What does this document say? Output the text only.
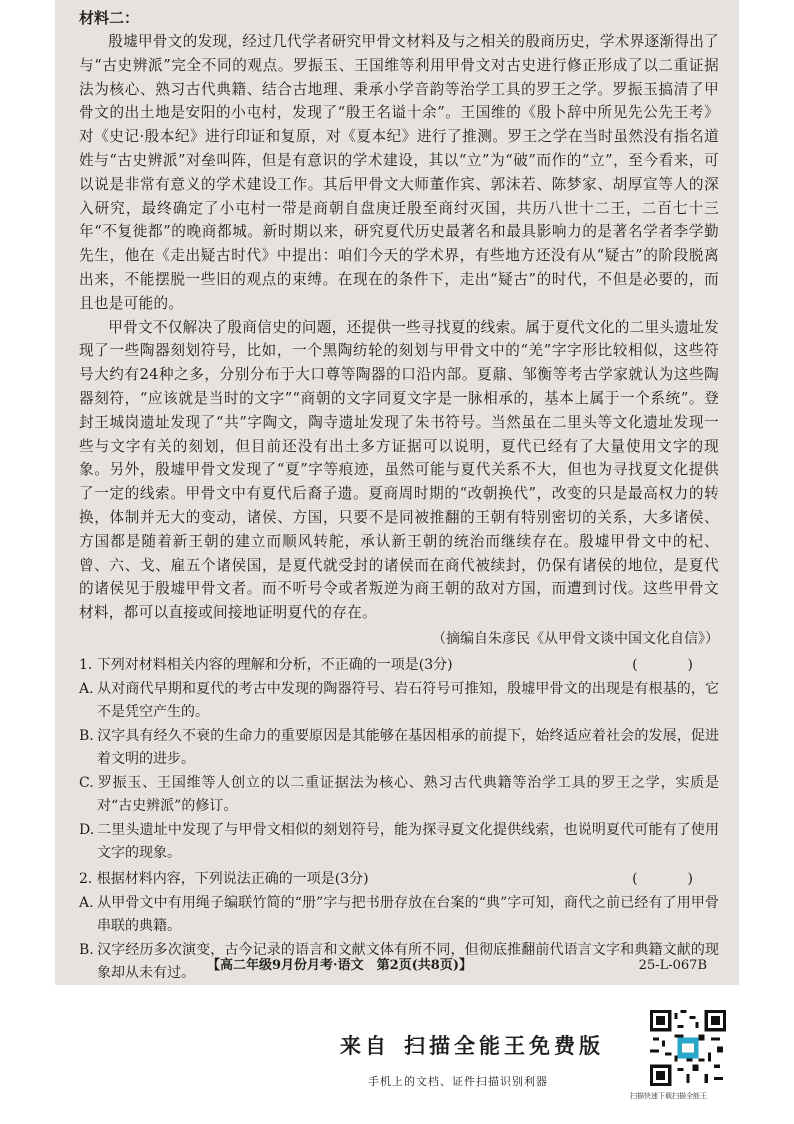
材料二：

殷墟甲骨文的发现，经过几代学者研究甲骨文材料及与之相关的殷商历史，学术界逐渐得出了与“古史辨派”完全不同的观点。罗振玉、王国维等利用甲骨文对古史进行修正形成了以二重证据法为核心、熟习古代典籍、结合古地理、秉承小学音韵等治学工具的罗王之学。罗振玉搞清了甲骨文的出土地是安阳的小屯村，发现了“殷王名谥十余”。王国维的《殷卜辞中所见先公先王考》对《史记·殷本纪》进行印证和复原，对《夏本纪》进行了推测。罗王之学在当时虽然没有指名道姓与“古史辨派”对垒叫阵，但是有意识的学术建设，其以“立”为“破”而作的“立”，至今看来，可以说是非常有意义的学术建设工作。其后甲骨文大师董作宾、郭沫若、陈梦家、胡厚宣等人的深入研究，最终确定了小屯村一带是商朝自盘庚迁殷至商纣灭国，共历八世十二王，二百七十三年“不复徙都”的晚商都城。新时期以来，研究夏代历史最著名和最具影响力的是著名学者李学勤先生，他在《走出疑古时代》中提出：咱们今天的学术界，有些地方还没有从“疑古”的阶段脱离出来，不能摆脱一些旧的观点的束缚。在现在的条件下，走出“疑古”的时代，不但是必要的，而且也是可能的。

甲骨文不仅解决了殷商信史的问题，还提供一些寻找夏的线索。属于夏代文化的二里头遗址发现了一些陶器刻划符号，比如，一个黑陶纺轮的刻划与甲骨文中的“羌”字字形比较相似，这些符号大约有24种之多，分别分布于大口尊等陶器的口沿内部。夏鼐、邹衡等考古学家就认为这些陶器刻符，“应该就是当时的文字”“商朝的文字同夏文字是一脉相承的，基本上属于一个系统”。登封王城岗遗址发现了“共”字陶文，陶寺遗址发现了朱书符号。当然虽在二里头等文化遗址发现一些与文字有关的刻划，但目前还没有出土多方证据可以说明，夏代已经有了大量使用文字的现象。另外，殷墟甲骨文发现了“夏”字等痕迹，虽然可能与夏代关系不大，但也为寻找夏文化提供了一定的线索。甲骨文中有夏代后裔子遗。夏商周时期的“改朝换代”，改变的只是最高权力的转换，体制并无大的变动，诸侯、方国，只要不是同被推翻的王朝有特别密切的关系，大多诸侯、方国都是随着新王朝的建立而顺风转舵，承认新王朝的统治而继续存在。殷墟甲骨文中的杞、曾、六、戈、雇五个诸侯国，是夏代就受封的诸侯而在商代被续封，仍保有诸侯的地位，是夏代的诸侯见于殷墟甲骨文者。而不听号令或者叛逆为商王朝的敌对方国，而遭到讨伐。这些甲骨文材料，都可以直接或间接地证明夏代的存在。

（摘编自朱彦民《从甲骨文谈中国文化自信》）
1. 下列对材料相关内容的理解和分析，不正确的一项是(3分)	(　)
A. 从对商代早期和夏代的考古中发现的陶器符号、岩石符号可推知，殷墟甲骨文的出现是有根基的，它不是凭空产生的。
B. 汉字具有经久不衰的生命力的重要原因是其能够在基因相承的前提下，始终适应着社会的发展，促进着文明的进步。
C. 罗振玉、王国维等人创立的以二重证据法为核心、熟习古代典籍等治学工具的罗王之学，实质是对“古史辨派”的修订。
D. 二里头遗址中发现了与甲骨文相似的刻划符号，能为探寻夏文化提供线索，也说明夏代可能有了使用文字的现象。
2. 根据材料内容，下列说法正确的一项是(3分)	(　)
A. 从甲骨文中有用绳子编联竹简的“册”字与把书册存放在台案的“典”字可知，商代之前已经有了用甲骨串联的典籍。
B. 汉字经历多次演变，古今记录的语言和文献文体有所不同，但彻底推翻前代语言文字和典籍文献的现象却从未有过。 【高二年级9月份月考·语文　第2页(共8页)】	25-L-067B
来自 扫描全能王免费版
手机上的文档、证件扫描识别利器
扫描快速下载扫描全能王
